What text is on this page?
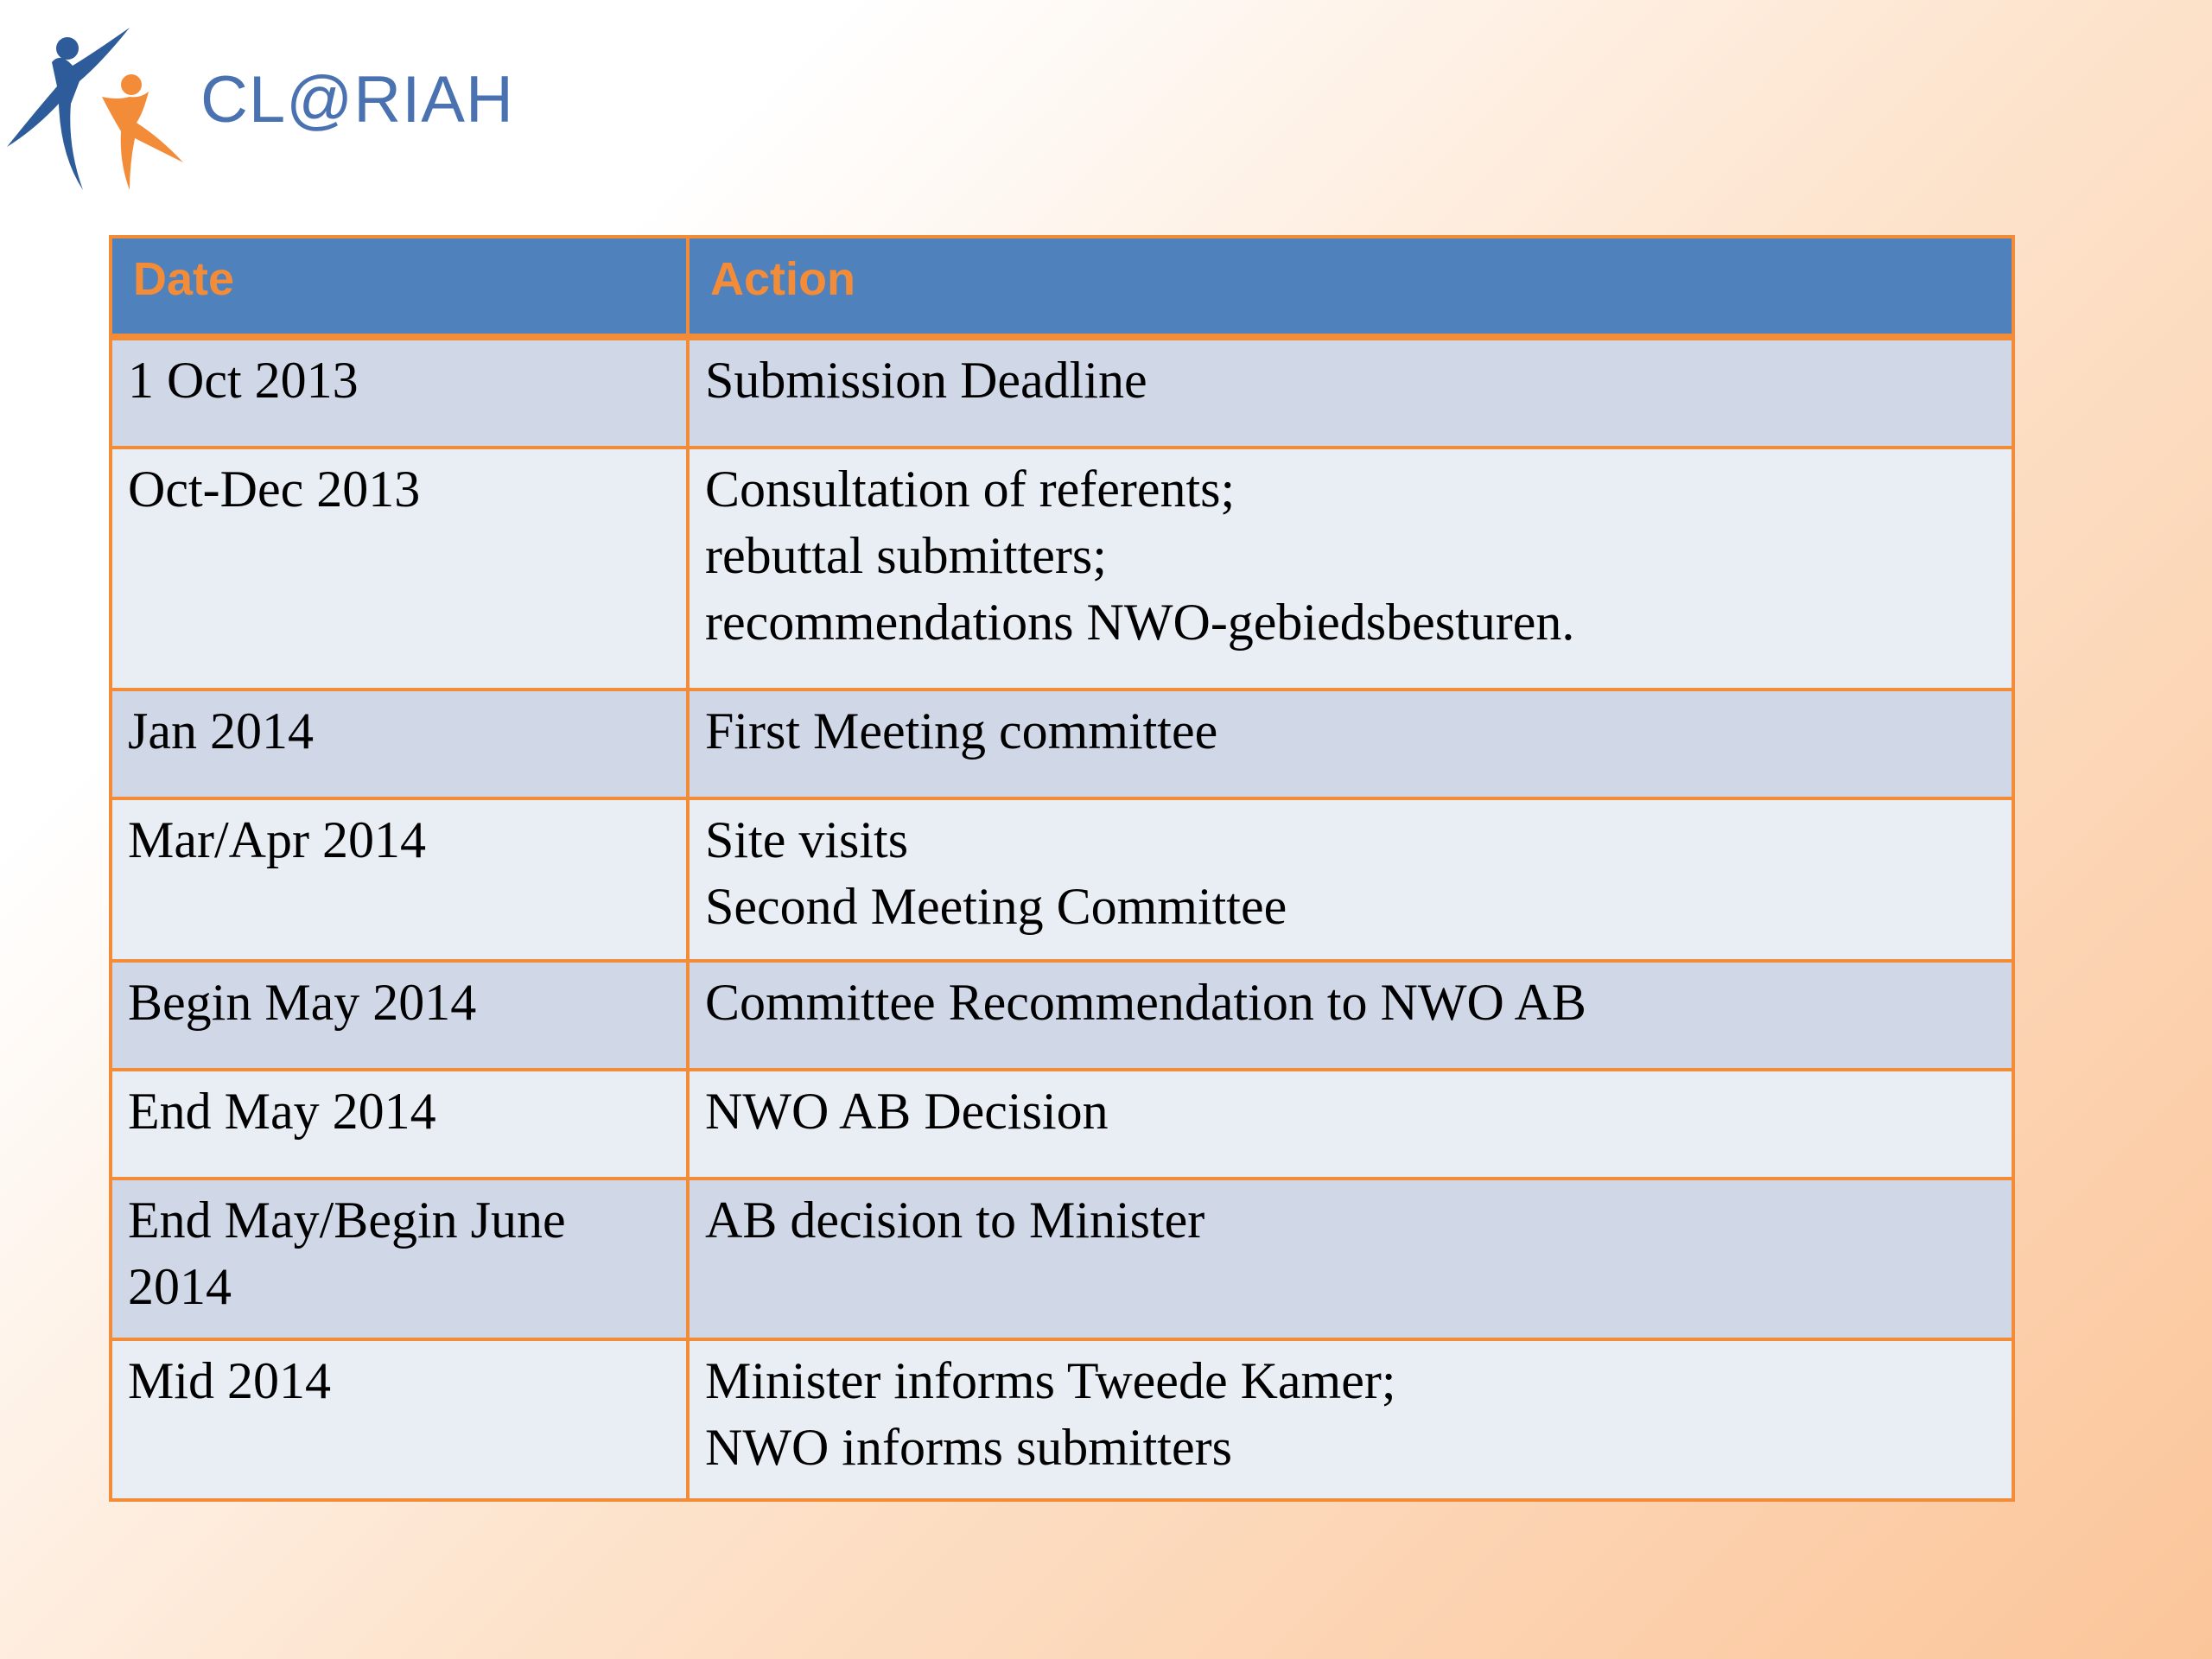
CL@RIAH
Date	Action

1 Oct 2013	Submission Deadline

Oct-Dec 2013	Consultation of referents;
rebuttal submitters;
recommendations NWO-gebiedsbesturen.

Jan 2014	First Meeting committee

Mar/Apr 2014	Site visits
Second Meeting Committee

Begin May 2014	Committee Recommendation to NWO AB

End May 2014	NWO AB Decision

End May/Begin June
2014	AB decision to Minister

Mid 2014	Minister informs Tweede Kamer;
NWO informs submitters
